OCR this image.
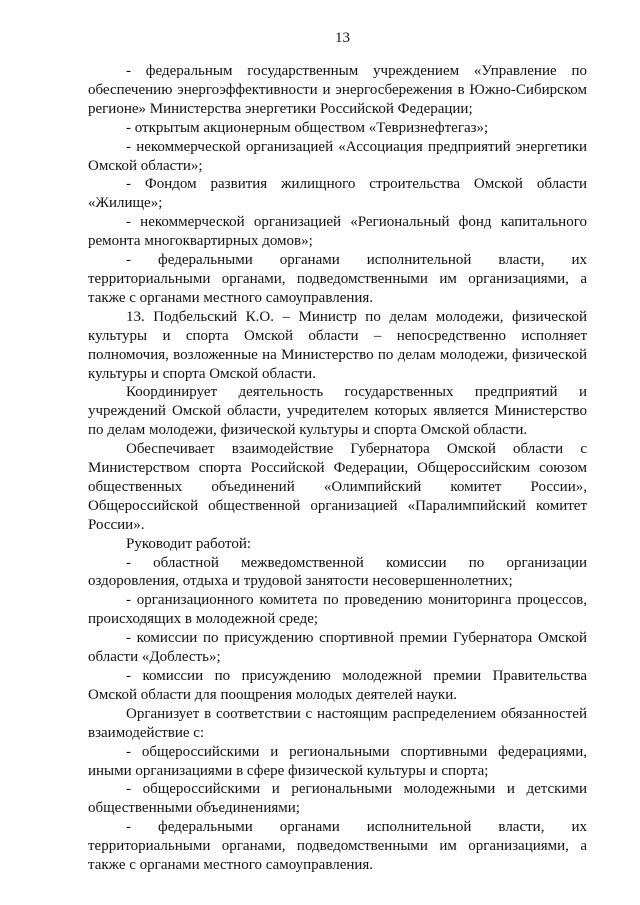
13

- федеральным государственным учреждением «Управление по обеспечению энергоэффективности и энергосбережения в Южно-Сибирском регионе» Министерства энергетики Российской Федерации;

- открытым акционерным обществом «Тевризнефтегаз»;

- некоммерческой организацией «Ассоциация предприятий энергетики Омской области»;

- Фондом развития жилищного строительства Омской области «Жилище»;

- некоммерческой организацией «Региональный фонд капитального ремонта многоквартирных домов»;

- федеральными органами исполнительной власти, их территориальными органами, подведомственными им организациями, а также с органами местного самоуправления.

13. Подбельский К.О. – Министр по делам молодежи, физической культуры и спорта Омской области – непосредственно исполняет полномочия, возложенные на Министерство по делам молодежи, физической культуры и спорта Омской области.

Координирует деятельность государственных предприятий и учреждений Омской области, учредителем которых является Министерство по делам молодежи, физической культуры и спорта Омской области.

Обеспечивает взаимодействие Губернатора Омской области с Министерством спорта Российской Федерации, Общероссийским союзом общественных объединений «Олимпийский комитет России», Общероссийской общественной организацией «Паралимпийский комитет России».

Руководит работой:

- областной межведомственной комиссии по организации оздоровления, отдыха и трудовой занятости несовершеннолетних;

- организационного комитета по проведению мониторинга процессов, происходящих в молодежной среде;

- комиссии по присуждению спортивной премии Губернатора Омской области «Доблесть»;

- комиссии по присуждению молодежной премии Правительства Омской области для поощрения молодых деятелей науки.

Организует в соответствии с настоящим распределением обязанностей взаимодействие с:

- общероссийскими и региональными спортивными федерациями, иными организациями в сфере физической культуры и спорта;

- общероссийскими и региональными молодежными и детскими общественными объединениями;

- федеральными органами исполнительной власти, их территориальными органами, подведомственными им организациями, а также с органами местного самоуправления.
